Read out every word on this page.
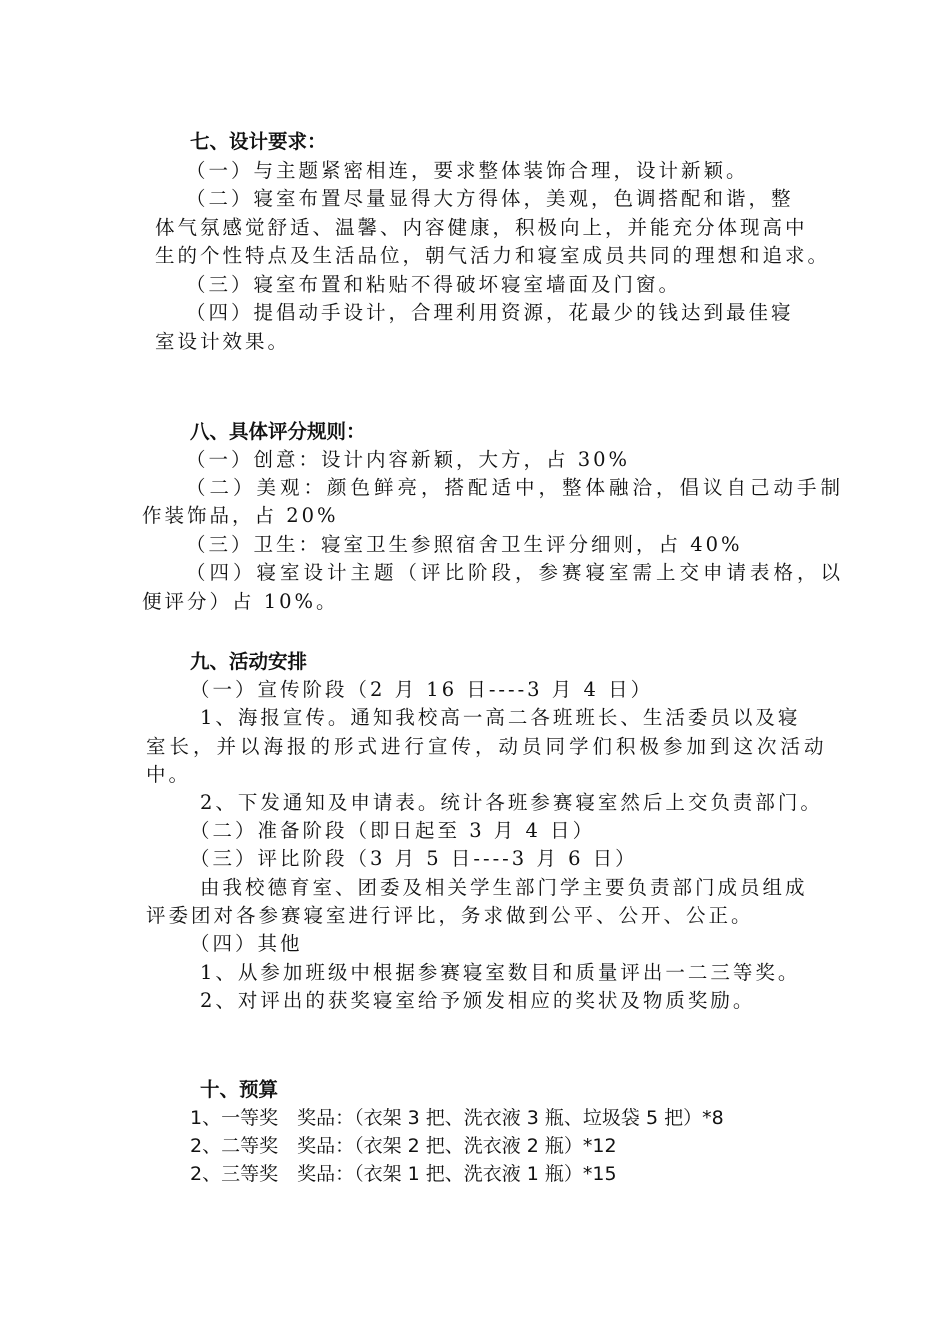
七、设计要求：
（一）与主题紧密相连，要求整体装饰合理，设计新颖。
（二）寝室布置尽量显得大方得体，美观，色调搭配和谐，整
体气氛感觉舒适、温馨、内容健康，积极向上，并能充分体现高中
生的个性特点及生活品位，朝气活力和寝室成员共同的理想和追求。
（三）寝室布置和粘贴不得破坏寝室墙面及门窗。
（四）提倡动手设计，合理利用资源，花最少的钱达到最佳寝
室设计效果。
八、具体评分规则：
（一）创意：设计内容新颖，大方，占 30%
（二）美观：颜色鲜亮，搭配适中，整体融洽，倡议自己动手制
作装饰品，占 20%
（三）卫生：寝室卫生参照宿舍卫生评分细则，占 40%
（四）寝室设计主题（评比阶段，参赛寝室需上交申请表格，以
便评分）占 10%。
九、活动安排
（一）宣传阶段（2 月 16 日----3 月 4 日）
1、海报宣传。通知我校高一高二各班班长、生活委员以及寝
室长，并以海报的形式进行宣传，动员同学们积极参加到这次活动
中。
2、下发通知及申请表。统计各班参赛寝室然后上交负责部门。
（二）准备阶段（即日起至 3 月 4 日）
（三）评比阶段（3 月 5 日----3 月 6 日）
由我校德育室、团委及相关学生部门学主要负责部门成员组成
评委团对各参赛寝室进行评比，务求做到公平、公开、公正。
（四）其他
1、从参加班级中根据参赛寝室数目和质量评出一二三等奖。
2、对评出的获奖寝室给予颁发相应的奖状及物质奖励。
十、预算
1、一等奖　奖品：（衣架 3 把、洗衣液 3 瓶、垃圾袋 5 把）*8
2、二等奖　奖品：（衣架 2 把、洗衣液 2 瓶）*12
2、三等奖　奖品：（衣架 1 把、洗衣液 1 瓶）*15
